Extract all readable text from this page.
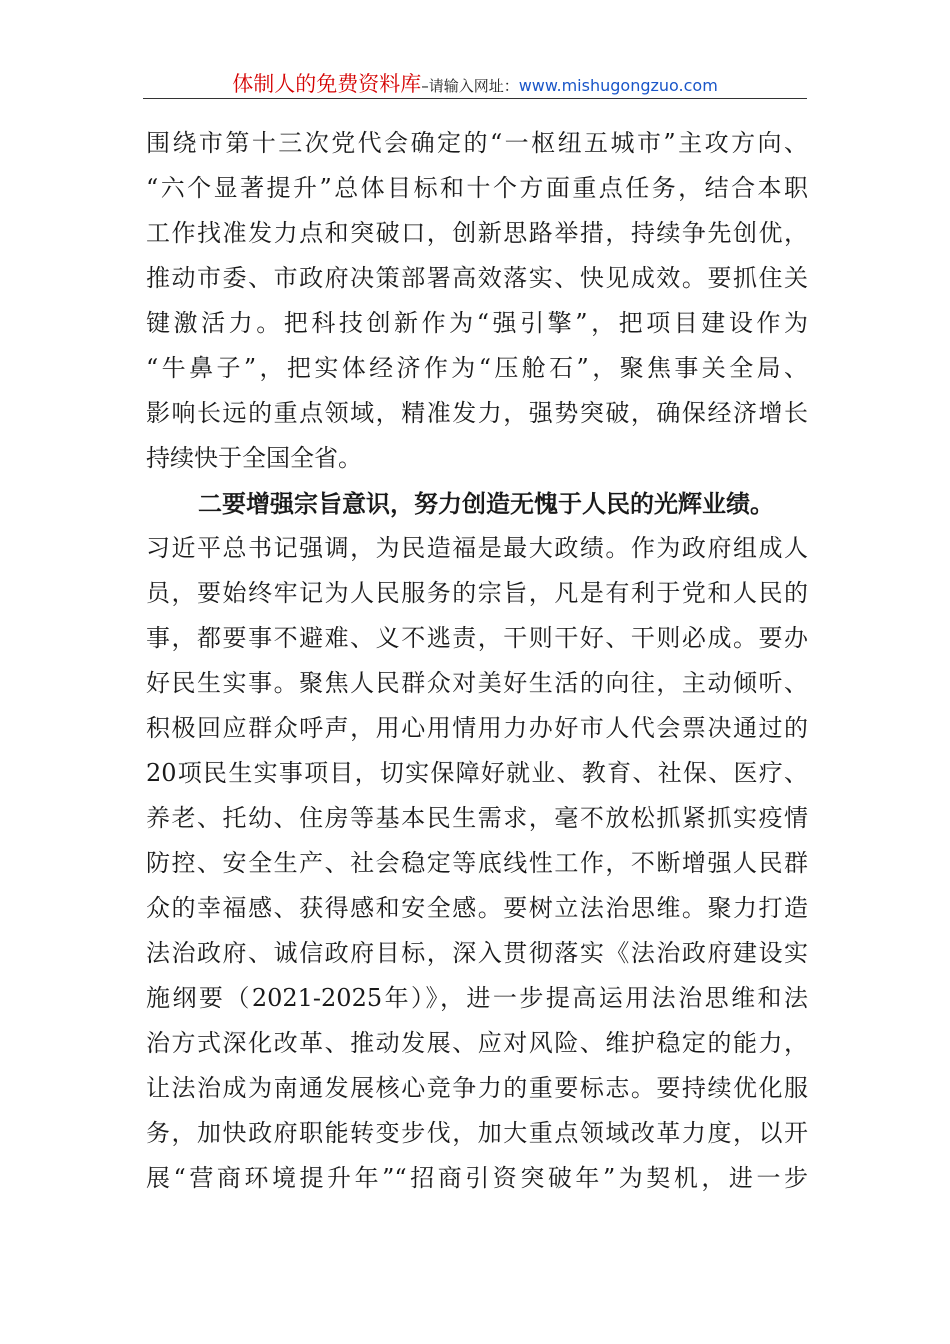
体制人的免费资料库–请输入网址：www.mishugongzuo.com
围绕市第十三次党代会确定的“一枢纽五城市”主攻方向、
“六个显著提升”总体目标和十个方面重点任务，结合本职
工作找准发力点和突破口，创新思路举措，持续争先创优，
推动市委、市政府决策部署高效落实、快见成效。要抓住关
键激活力。把科技创新作为“强引擎”，把项目建设作为
“牛鼻子”，把实体经济作为“压舱石”，聚焦事关全局、
影响长远的重点领域，精准发力，强势突破，确保经济增长
持续快于全国全省。
二要增强宗旨意识，努力创造无愧于人民的光辉业绩。
习近平总书记强调，为民造福是最大政绩。作为政府组成人
员，要始终牢记为人民服务的宗旨，凡是有利于党和人民的
事，都要事不避难、义不逃责，干则干好、干则必成。要办
好民生实事。聚焦人民群众对美好生活的向往，主动倾听、
积极回应群众呼声，用心用情用力办好市人代会票决通过的
20项民生实事项目，切实保障好就业、教育、社保、医疗、
养老、托幼、住房等基本民生需求，毫不放松抓紧抓实疫情
防控、安全生产、社会稳定等底线性工作，不断增强人民群
众的幸福感、获得感和安全感。要树立法治思维。聚力打造
法治政府、诚信政府目标，深入贯彻落实《法治政府建设实
施纲要（2021-2025年）》，进一步提高运用法治思维和法
治方式深化改革、推动发展、应对风险、维护稳定的能力，
让法治成为南通发展核心竞争力的重要标志。要持续优化服
务，加快政府职能转变步伐，加大重点领域改革力度，以开
展“营商环境提升年”“招商引资突破年”为契机，进一步
